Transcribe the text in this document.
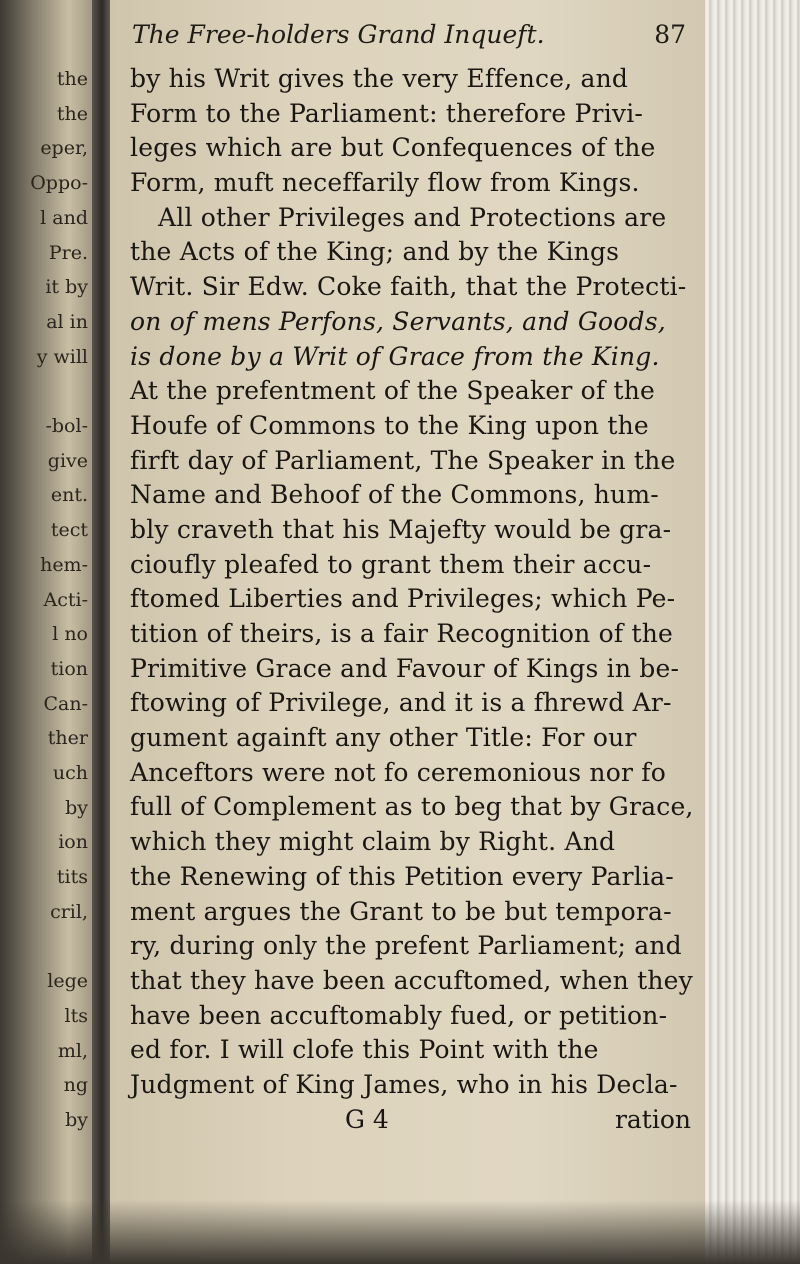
the
the
eper,
Oppo-
l and
Pre.
it by
al in
y will
-bol-
give
ent.
tect
hem-
Acti-
l no
tion
Can-
ther
uch
by
ion
tits
cril,
lege
lts
ml,
ng
by
The Free-holders Grand Inqueft.	87
by his Writ gives the very Effence, and
Form to the Parliament: therefore Privi-
leges which are but Confequences of the
Form, muft neceffarily flow from Kings.
All other Privileges and Protections are
the Acts of the King; and by the Kings
Writ. Sir Edw. Coke faith, that the Protecti-
on of mens Perfons, Servants, and Goods,
is done by a Writ of Grace from the King.
At the prefentment of the Speaker of the
Houfe of Commons to the King upon the
firft day of Parliament, The Speaker in the
Name and Behoof of the Commons, hum-
bly craveth that his Majefty would be gra-
cioufly pleafed to grant them their accu-
ftomed Liberties and Privileges; which Pe-
tition of theirs, is a fair Recognition of the
Primitive Grace and Favour of Kings in be-
ftowing of Privilege, and it is a fhrewd Ar-
gument againft any other Title: For our
Anceftors were not fo ceremonious nor fo
full of Complement as to beg that by Grace,
which they might claim by Right. And
the Renewing of this Petition every Parlia-
ment argues the Grant to be but tempora-
ry, during only the prefent Parliament; and
that they have been accuftomed, when they
have been accuftomably fued, or petition-
ed for. I will clofe this Point with the
Judgment of King James, who in his Decla-
G 4	ration
